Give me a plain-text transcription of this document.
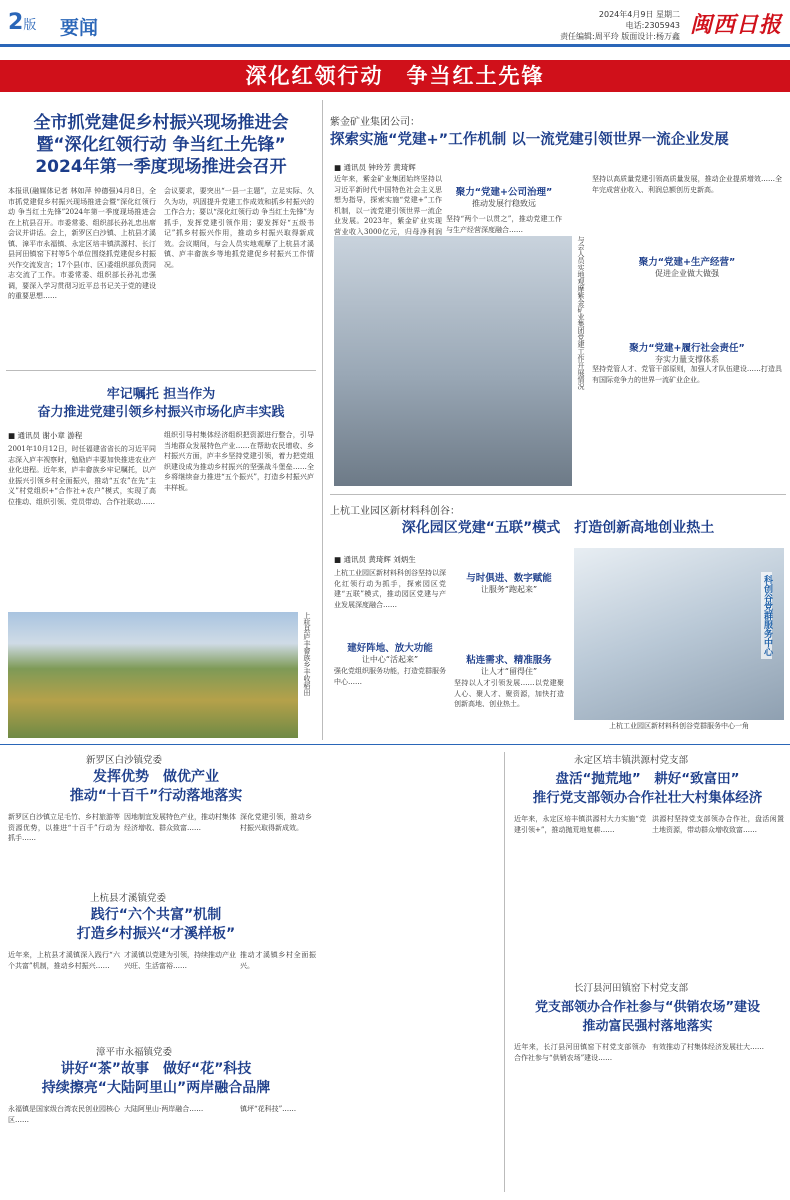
2版 要闻
2024年4月9日 星期二
电话:2305943
责任编辑:周平玲 版面设计:杨万鑫 闽西日报
深化红领行动　争当红土先锋
全市抓党建促乡村振兴现场推进会
暨“深化红领行动 争当红土先锋”
2024年第一季度现场推进会召开
本报讯(融媒体记者 林如萍 钟德强)4月8日，全市抓党建促乡村振兴现场推进会暨“深化红领行动 争当红土先锋”2024年第一季度现场推进会在上杭县召开。市委常委、组织部长孙礼忠出席会议并讲话。会上，新罗区白沙镇、上杭县才溪镇、漳平市永福镇、永定区培丰镇洪源村、长汀县河田镇窑下村等5个单位围绕抓党建促乡村振兴作交流发言；17个县(市、区)委组织部负责同志交流了工作。市委常委、组织部长孙礼忠强调，要深入学习贯彻习近平总书记关于党的建设的重要思想……
会议要求，要突出“一县一主题”，立足实际、久久为功，巩固提升党建工作成效和抓乡村振兴的工作合力；要以“深化红领行动 争当红土先锋”为抓手，发挥党建引领作用；要发挥好“五级书记”抓乡村振兴作用，推动乡村振兴取得新成效。会议期间，与会人员实地观摩了上杭县才溪镇、庐丰畲族乡等地抓党建促乡村振兴工作情况。
牢记嘱托 担当作为
奋力推进党建引领乡村振兴市场化庐丰实践
■ 通讯员 谢小章 游程
2001年10月12日，时任福建省省长的习近平同志深入庐丰视察时，勉励庐丰要加快推进农业产业化进程。近年来，庐丰畲族乡牢记嘱托，以产业振兴引领乡村全面振兴，推动“五农”在先“主义”村党组织+“合作社+农户”模式，实现了高位推动、组织引领、党员带动、合作社联动……
组织引导村集体经济组织把资源进行整合，引导当地群众发展特色产业……在帮助农民增收、乡村振兴方面，庐丰乡坚持党建引领，着力把党组织建设成为推动乡村振兴的坚强战斗堡垒……全乡将继续奋力推进“五个振兴”，打造乡村振兴庐丰样板。
上杭县庐丰畲族乡丰收稻田
紫金矿业集团公司：
探索实施“党建+”工作机制 以一流党建引领世界一流企业发展
■ 通讯员 钟玲芳 黄琦辉
近年来，紫金矿业集团始终坚持以习近平新时代中国特色社会主义思想为指导，探索实施“党建+”工作机制，以一流党建引领世界一流企业发展。2023年，紫金矿业实现营业收入3000亿元，归母净利润
聚力“党建+公司治理”
推动发展行稳致远
坚持“两个一以贯之”，推动党建工作与生产经营深度融合……
与会人员实地观摩紫金矿业集团党建工作开展情况
坚持以高质量党建引领高质量发展，推动企业提质增效……全年完成营业收入、利润总额创历史新高。
聚力“党建+生产经营”
促进企业做大做强
聚力“党建+履行社会责任”
夯实力量支撑体系
坚持党管人才、党管干部原则，加强人才队伍建设……打造具有国际竞争力的世界一流矿业企业。
上杭工业园区新材料科创谷：
深化园区党建“五联”模式　打造创新高地创业热土
■ 通讯员 黄琦辉 刘炳生
上杭工业园区新材料科创谷坚持以深化红领行动为抓手，探索园区党建“五联”模式，推动园区党建与产业发展深度融合……
建好阵地、放大功能
让中心“活起来”
强化党组织服务功能，打造党群服务中心……
与时俱进、数字赋能
让服务“跑起来”
粘连需求、精准服务
让人才“留得住”
坚持以人才引领发展……以党建聚人心、聚人才、聚资源，加快打造创新高地、创业热土。
科创谷党群服务中心
上杭工业园区新材料科创谷党群服务中心一角
新罗区白沙镇党委
发挥优势　做优产业
推动“十百千”行动落地落实
新罗区白沙镇立足毛竹、乡村旅游等资源优势，以推进“十百千”行动为抓手……
因地制宜发展特色产业，推动村集体经济增收、群众致富……
深化党建引领，推动乡村振兴取得新成效。
上杭县才溪镇党委
践行“六个共富”机制
打造乡村振兴“才溪样板”
近年来，上杭县才溪镇深入践行“六个共富”机制，推动乡村振兴……
才溪镇以党建为引领，持续推动产业兴旺、生活富裕……
推动才溪镇乡村全面振兴。
漳平市永福镇党委
讲好“茶”故事　做好“花”科技
持续擦亮“大陆阿里山”两岸融合品牌
永福镇是国家级台湾农民创业园核心区……
大陆阿里山·两岸融合……	镇坪“花科技”……
永定区培丰镇洪源村党支部
盘活“抛荒地”　耕好“致富田”
推行党支部领办合作社壮大村集体经济
近年来，永定区培丰镇洪源村大力实施“党建引领+”，推动抛荒地复耕……
洪源村坚持党支部领办合作社，盘活闲置土地资源，带动群众增收致富……
长汀县河田镇窑下村党支部
党支部领办合作社参与“供销农场”建设
推动富民强村落地落实
近年来，长汀县河田镇窑下村党支部领办合作社参与“供销农场”建设……
有效推动了村集体经济发展壮大……
